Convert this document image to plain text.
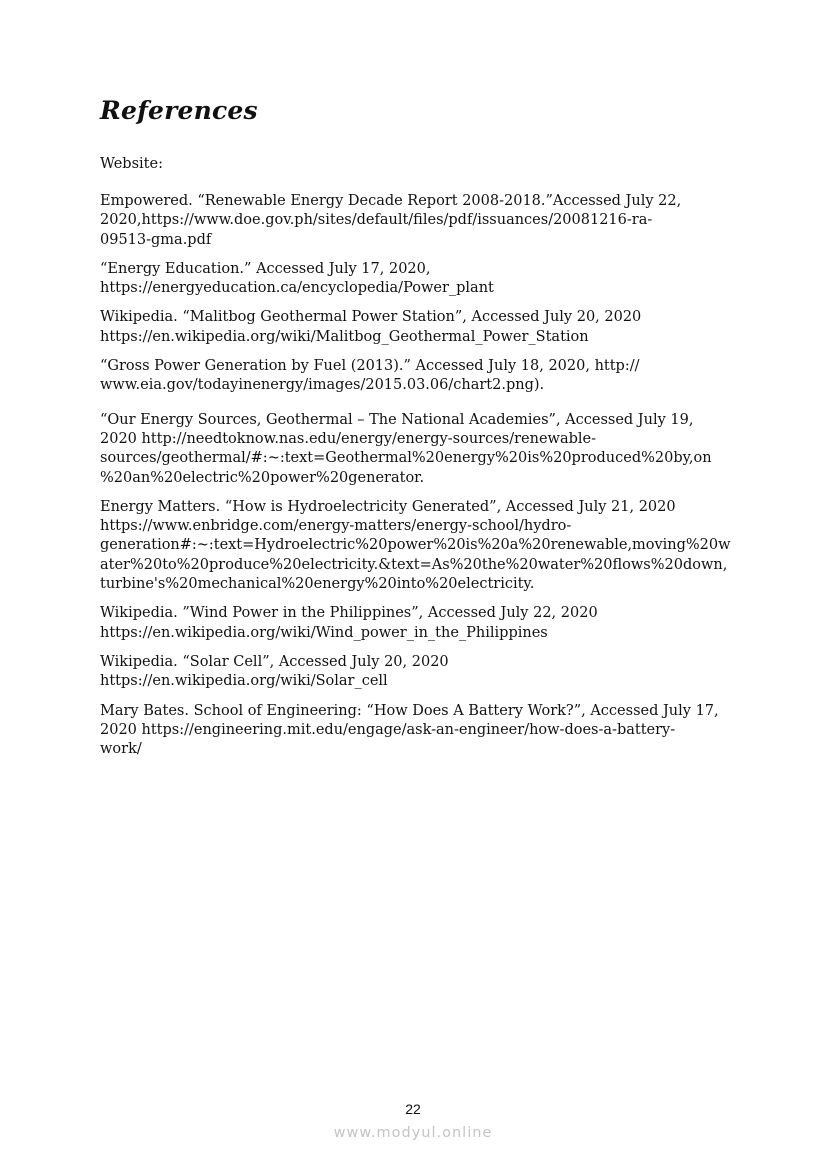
References
Website:

Empowered. “Renewable Energy Decade Report 2008-2018.”Accessed July 22,
2020,https://www.doe.gov.ph/sites/default/files/pdf/issuances/20081216-ra-
09513-gma.pdf

“Energy Education.” Accessed July 17, 2020,
https://energyeducation.ca/encyclopedia/Power_plant

Wikipedia. “Malitbog Geothermal Power Station”, Accessed July 20, 2020
https://en.wikipedia.org/wiki/Malitbog_Geothermal_Power_Station

“Gross Power Generation by Fuel (2013).” Accessed July 18, 2020, http://
www.eia.gov/todayinenergy/images/2015.03.06/chart2.png).

“Our Energy Sources, Geothermal – The National Academies”, Accessed July 19,
2020 http://needtoknow.nas.edu/energy/energy-sources/renewable-
sources/geothermal/#:~:text=Geothermal%20energy%20is%20produced%20by,on
%20an%20electric%20power%20generator.

Energy Matters. “How is Hydroelectricity Generated”, Accessed July 21, 2020
https://www.enbridge.com/energy-matters/energy-school/hydro-
generation#:~:text=Hydroelectric%20power%20is%20a%20renewable,moving%20w
ater%20to%20produce%20electricity.&text=As%20the%20water%20flows%20down,
turbine's%20mechanical%20energy%20into%20electricity.

Wikipedia. ”Wind Power in the Philippines”, Accessed July 22, 2020
https://en.wikipedia.org/wiki/Wind_power_in_the_Philippines

Wikipedia. “Solar Cell”, Accessed July 20, 2020
https://en.wikipedia.org/wiki/Solar_cell

Mary Bates. School of Engineering: “How Does A Battery Work?”, Accessed July 17,
2020 https://engineering.mit.edu/engage/ask-an-engineer/how-does-a-battery-
work/

22
www.modyul.online
